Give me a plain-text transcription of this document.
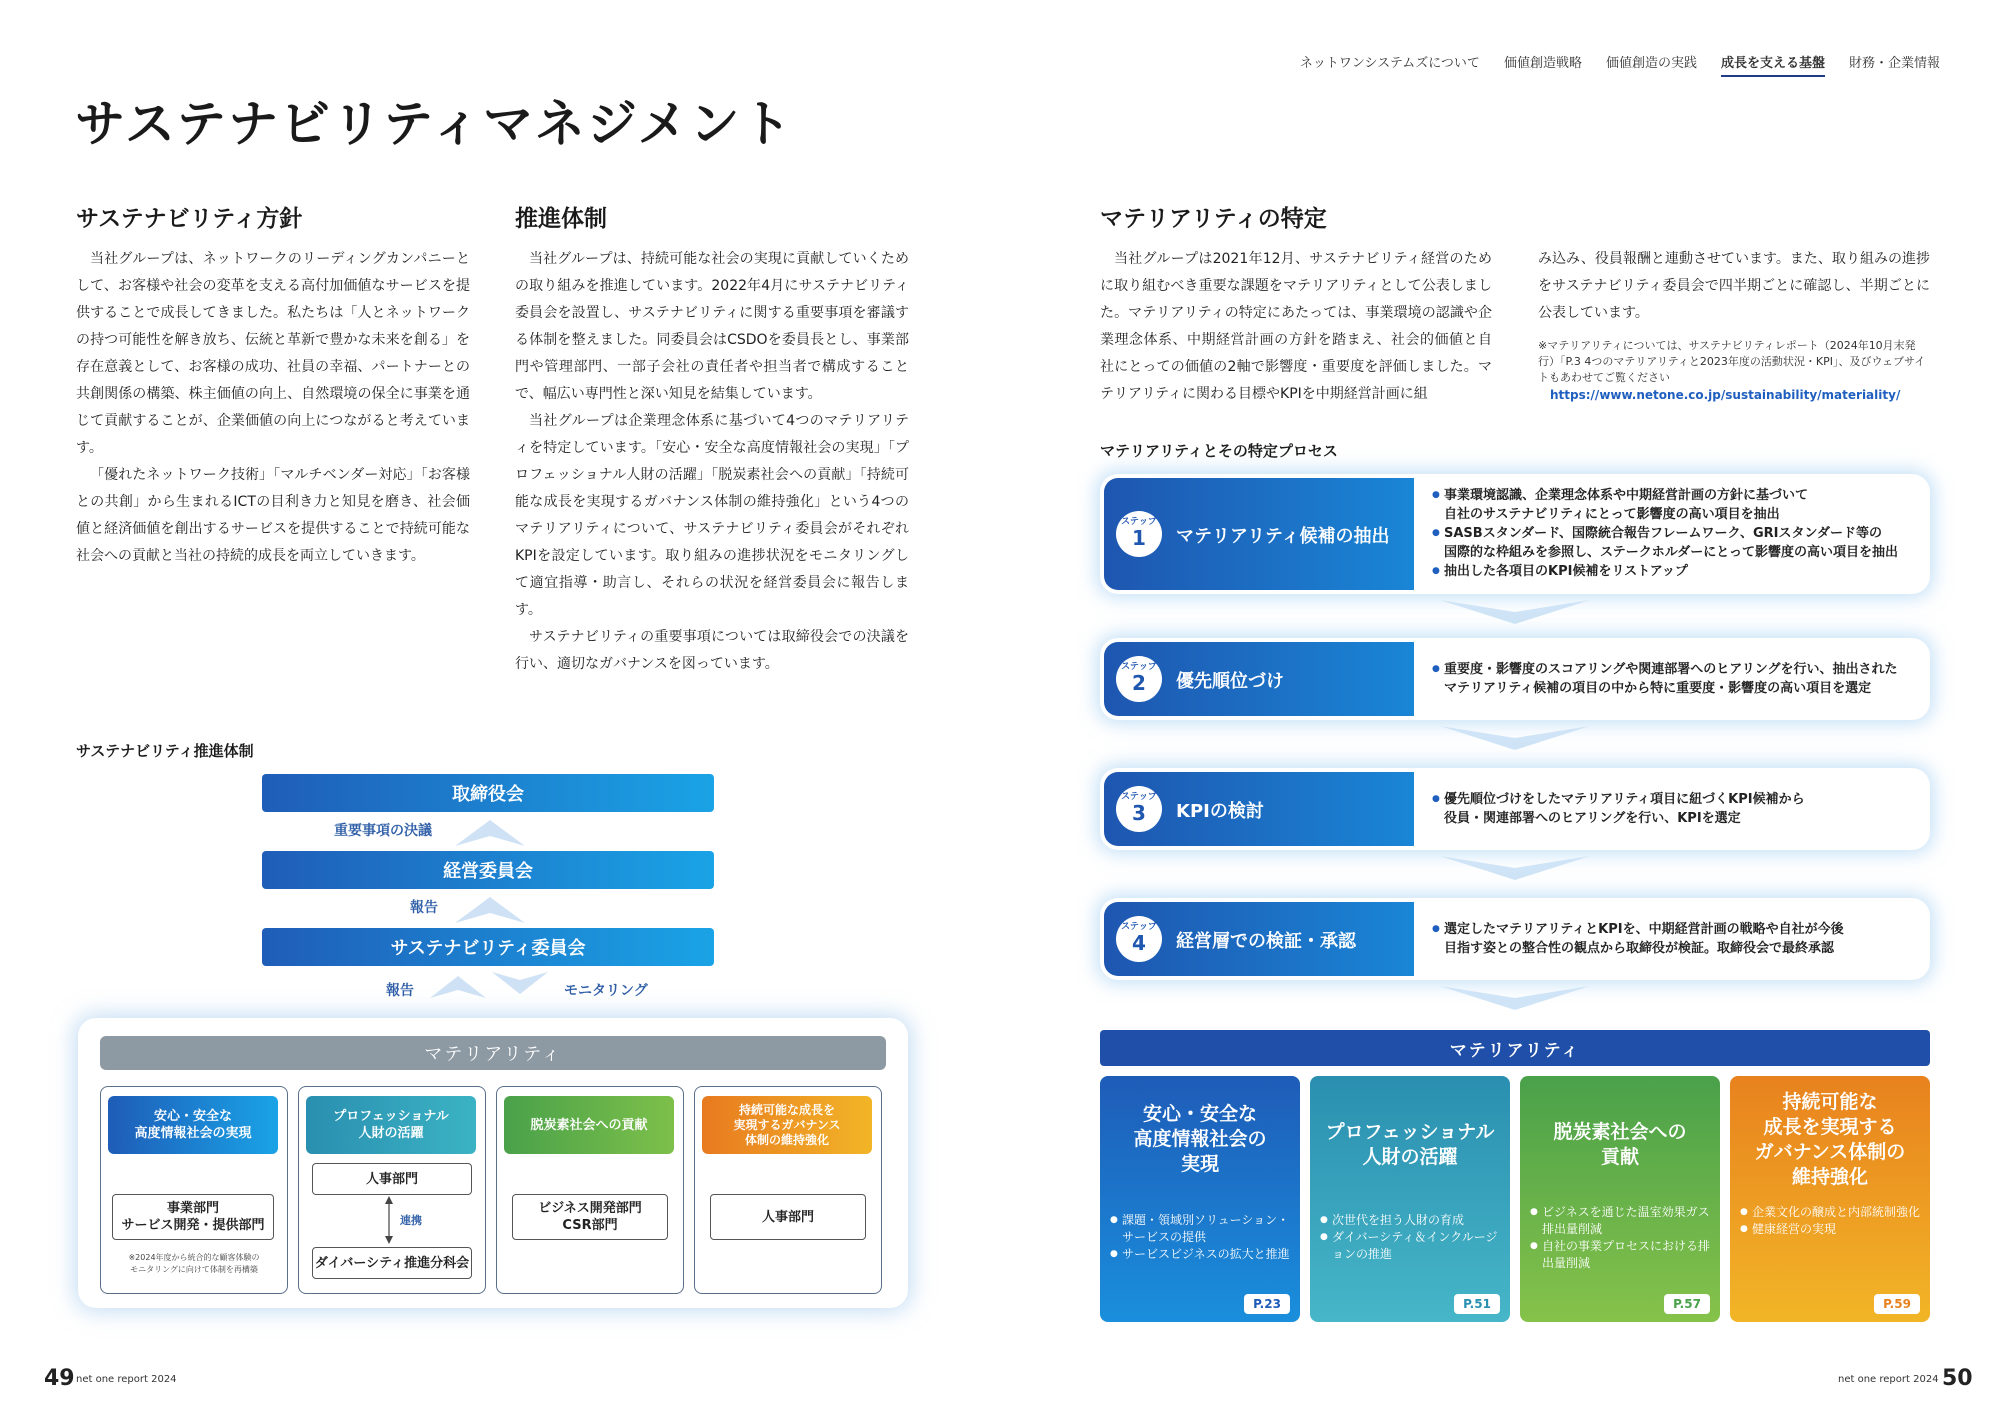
ネットワンシステムズについて 価値創造戦略 価値創造の実践 成長を支える基盤 財務・企業情報
サステナビリティマネジメント
サステナビリティ方針

当社グループは、ネットワークのリーディングカンパニーとして、お客様や社会の変革を支える高付加価値なサービスを提供することで成長してきました。私たちは「人とネットワークの持つ可能性を解き放ち、伝統と革新で豊かな未来を創る」を存在意義として、お客様の成功、社員の幸福、パートナーとの共創関係の構築、株主価値の向上、自然環境の保全に事業を通じて貢献することが、企業価値の向上につながると考えています。

「優れたネットワーク技術」「マルチベンダー対応」「お客様との共創」から生まれるICTの目利き力と知見を磨き、社会価値と経済価値を創出するサービスを提供することで持続可能な社会への貢献と当社の持続的成長を両立していきます。

推進体制

当社グループは、持続可能な社会の実現に貢献していくための取り組みを推進しています。2022年4月にサステナビリティ委員会を設置し、サステナビリティに関する重要事項を審議する体制を整えました。同委員会はCSDOを委員長とし、事業部門や管理部門、一部子会社の責任者や担当者で構成することで、幅広い専門性と深い知見を結集しています。

当社グループは企業理念体系に基づいて4つのマテリアリティを特定しています。「安心・安全な高度情報社会の実現」「プロフェッショナル人財の活躍」「脱炭素社会への貢献」「持続可能な成長を実現するガバナンス体制の維持強化」という4つのマテリアリティについて、サステナビリティ委員会がそれぞれKPIを設定しています。取り組みの進捗状況をモニタリングして適宜指導・助言し、それらの状況を経営委員会に報告します。

サステナビリティの重要事項については取締役会での決議を行い、適切なガバナンスを図っています。

サステナビリティ推進体制
取締役会
重要事項の決議
経営委員会
報告
サステナビリティ委員会
報告	モニタリング
マテリアリティ
安心・安全な
高度情報社会の実現
プロフェッショナル
人財の活躍
脱炭素社会への貢献
持続可能な成長を
実現するガバナンス
体制の維持強化
事業部門
サービス開発・提供部門
※2024年度から統合的な顧客体験の
モニタリングに向けて体制を再構築
人事部門
連携
ダイバーシティ推進分科会
ビジネス開発部門
CSR部門
人事部門
マテリアリティの特定

当社グループは2021年12月、サステナビリティ経営のために取り組むべき重要な課題をマテリアリティとして公表しました。マテリアリティの特定にあたっては、事業環境の認識や企業理念体系、中期経営計画の方針を踏まえ、社会的価値と自社にとっての価値の2軸で影響度・重要度を評価しました。マテリアリティに関わる目標やKPIを中期経営計画に組

み込み、役員報酬と連動させています。また、取り組みの進捗をサステナビリティ委員会で四半期ごとに確認し、半期ごとに公表しています。

※マテリアリティについては、サステナビリティレポート（2024年10月末発行）「P.3 4つのマテリアリティと2023年度の活動状況・KPI」、及びウェブサイトもあわせてご覧ください
https://www.netone.co.jp/sustainability/materiality/
マテリアリティとその特定プロセス
ステップ
1	マテリアリティ候補の抽出
● 事業環境認識、企業理念体系や中期経営計画の方針に基づいて
自社のサステナビリティにとって影響度の高い項目を抽出
● SASBスタンダード、国際統合報告フレームワーク、GRIスタンダード等の
国際的な枠組みを参照し、ステークホルダーにとって影響度の高い項目を抽出
● 抽出した各項目のKPI候補をリストアップ
ステップ
2	優先順位づけ
● 重要度・影響度のスコアリングや関連部署へのヒアリングを行い、抽出された
マテリアリティ候補の項目の中から特に重要度・影響度の高い項目を選定
ステップ
3	KPIの検討
● 優先順位づけをしたマテリアリティ項目に紐づくKPI候補から
役員・関連部署へのヒアリングを行い、KPIを選定
ステップ
4	経営層での検証・承認
● 選定したマテリアリティとKPIを、中期経営計画の戦略や自社が今後
目指す姿との整合性の観点から取締役が検証。取締役会で最終承認
マテリアリティ
安心・安全な
高度情報社会の
実現
● 課題・領域別ソリューション・サービスの提供
● サービスビジネスの拡大と推進
P.23
プロフェッショナル
人財の活躍
● 次世代を担う人財の育成
● ダイバーシティ＆インクルージョンの推進
P.51
脱炭素社会への
貢献
● ビジネスを通じた温室効果ガス排出量削減
● 自社の事業プロセスにおける排出量削減
P.57
持続可能な
成長を実現する
ガバナンス体制の
維持強化
● 企業文化の醸成と内部統制強化
● 健康経営の実現
P.59
49 net one report 2024	net one report 2024 50
